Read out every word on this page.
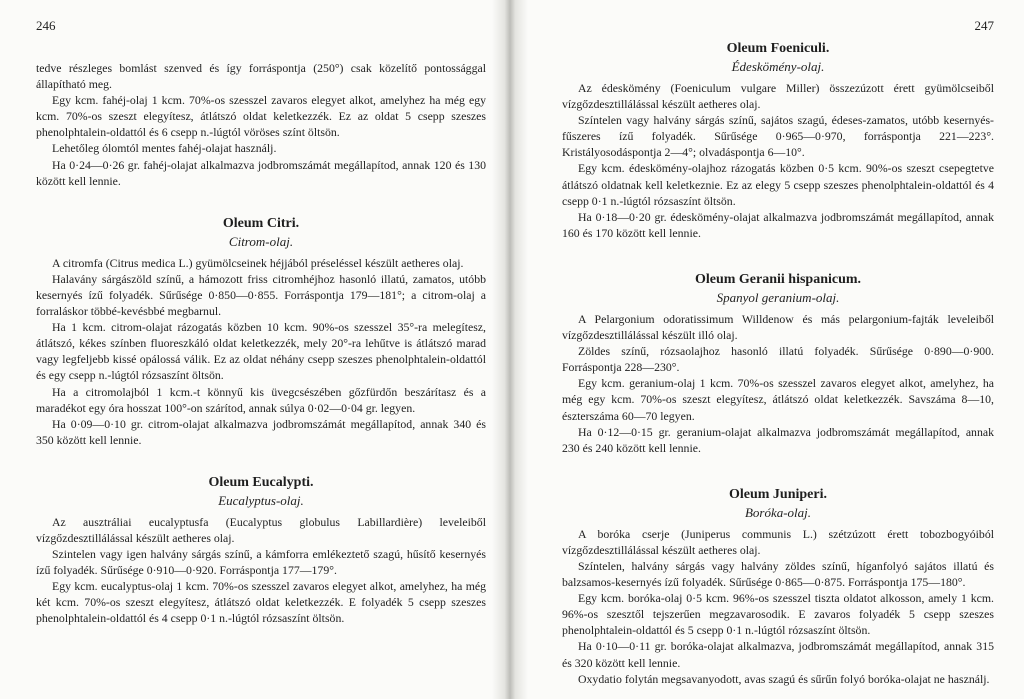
246

tedve részleges bomlást szenved és így forráspontja (250°) csak közelítő pontossággal állapítható meg.

Egy kcm. fahéj-olaj 1 kcm. 70%-os szesszel zavaros elegyet alkot, amelyhez ha még egy kcm. 70%-os szeszt elegyítesz, átlátszó oldat keletkezzék. Ez az oldat 5 csepp szeszes phenolphtalein-oldattól és 6 csepp n.-lúgtól vöröses színt öltsön.

Lehetőleg ólomtól mentes fahéj-olajat használj.

Ha 0·24—0·26 gr. fahéj-olajat alkalmazva jodbromszámát megállapítod, annak 120 és 130 között kell lennie.

Oleum Citri.
Citrom-olaj.

A citromfa (Citrus medica L.) gyümölcseinek héjjából préseléssel készült aetheres olaj.

Halavány sárgászöld színű, a hámozott friss citromhéjhoz hasonló illatú, zamatos, utóbb kesernyés ízű folyadék. Sűrűsége 0·850—0·855. Forráspontja 179—181°; a citrom-olaj a forraláskor többé-kevésbbé megbarnul.

Ha 1 kcm. citrom-olajat rázogatás közben 10 kcm. 90%-os szesszel 35°-ra melegítesz, átlátszó, kékes színben fluoreszkáló oldat keletkezzék, mely 20°-ra lehűtve is átlátszó marad vagy legfeljebb kissé opálossá válik. Ez az oldat néhány csepp szeszes phenolphtalein-oldattól és egy csepp n.-lúgtól rózsaszínt öltsön.

Ha a citromolajból 1 kcm.-t könnyű kis üvegcsészében gőzfürdőn beszárítasz és a maradékot egy óra hosszat 100°-on szárítod, annak súlya 0·02—0·04 gr. legyen.

Ha 0·09—0·10 gr. citrom-olajat alkalmazva jodbromszámát megállapítod, annak 340 és 350 között kell lennie.

Oleum Eucalypti.
Eucalyptus-olaj.

Az ausztráliai eucalyptusfa (Eucalyptus globulus Labillardière) leveleiből vízgőzdesztillálással készült aetheres olaj.

Szintelen vagy igen halvány sárgás színű, a kámforra emlékeztető szagú, hűsítő kesernyés ízű folyadék. Sűrűsége 0·910—0·920. Forráspontja 177—179°.

Egy kcm. eucalyptus-olaj 1 kcm. 70%-os szesszel zavaros elegyet alkot, amelyhez, ha még két kcm. 70%-os szeszt elegyítesz, átlátszó oldat keletkezzék. E folyadék 5 csepp szeszes phenolphtalein-oldattól és 4 csepp 0·1 n.-lúgtól rózsaszínt öltsön.

247
Oleum Foeniculi.
Édesköménу-olaj.

Az édeskömény (Foeniculum vulgare Miller) összezúzott érett gyümölcseiből vízgőzdesztillálással készült aetheres olaj.

Színtelen vagy halvány sárgás színű, sajátos szagú, édeses-zamatos, utóbb kesernyés-fűszeres ízű folyadék. Sűrűsége 0·965—0·970, forráspontja 221—223°. Kristályosodáspontja 2—4°; olvadáspontja 6—10°.

Egy kcm. édesköménу-olajhoz rázogatás közben 0·5 kcm. 90%-os szeszt csepegtetve átlátszó oldatnak kell keletkeznie. Ez az elegy 5 csepp szeszes phenolphtalein-oldattól és 4 csepp 0·1 n.-lúgtól rózsaszínt öltsön.

Ha 0·18—0·20 gr. édesköménу-olajat alkalmazva jodbromszámát megállapítod, annak 160 és 170 között kell lennie.

Oleum Geranii hispanicum.
Spanyol geranium-olaj.

A Pelargonium odoratissimum Willdenow és más pelargonium-fajták leveleiből vízgőzdesztillálással készült illó olaj.

Zöldes színű, rózsaolajhoz hasonló illatú folyadék. Sűrűsége 0·890—0·900. Forráspontja 228—230°.

Egy kcm. geranium-olaj 1 kcm. 70%-os szesszel zavaros elegyet alkot, amelyhez, ha még egy kcm. 70%-os szeszt elegyítesz, átlátszó oldat keletkezzék. Savszáma 8—10, észterszáma 60—70 legyen.

Ha 0·12—0·15 gr. geranium-olajat alkalmazva jodbromszámát megállapítod, annak 230 és 240 között kell lennie.

Oleum Juniperi.
Boróka-olaj.

A boróka cserje (Juniperus communis L.) szétzúzott érett tobozbogyóiból vízgőzdesztillálással készült aetheres olaj.

Színtelen, halvány sárgás vagy halvány zöldes színű, híganfolyó sajátos illatú és balzsamos-kesernyés ízű folyadék. Sűrűsége 0·865—0·875. Forráspontja 175—180°.

Egy kcm. boróka-olaj 0·5 kcm. 96%-os szesszel tiszta oldatot alkosson, amely 1 kcm. 96%-os szesztől tejszerűen megzavarosodik. E zavaros folyadék 5 csepp szeszes phenolphtalein-oldattól és 5 csepp 0·1 n.-lúgtól rózsaszínt öltsön.

Ha 0·10—0·11 gr. boróka-olajat alkalmazva, jodbromszámát megállapítod, annak 315 és 320 között kell lennie.

Oxydatio folytán megsavanyodott, avas szagú és sűrűn folyó boróka-olajat ne használj.
